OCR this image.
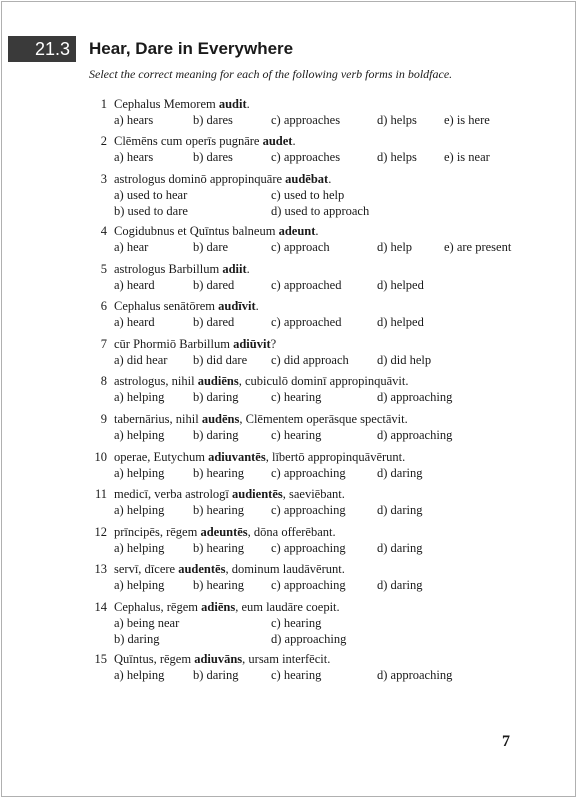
21.3	Hear, Dare in Everywhere
Select the correct meaning for each of the following verb forms in boldface.
1 Cephalus Memorem audit.
a) hears	b) dares	c) approaches	d) helps e) is here
2 Clēmēns cum operīs pugnāre audet.
a) hears	b) dares	c) approaches	d) helps e) is near
3 astrologus dominō appropinquāre audēbat.
a) used to hear	c) used to help
b) used to dare	d) used to approach
4 Cogidubnus et Quīntus balneum adeunt.
a) hear	b) dare	c) approach	d) help	e) are present
5 astrologus Barbillum adiit.
a) heard	b) dared	c) approached	d) helped
6 Cephalus senātōrem audīvit.
a) heard	b) dared	c) approached	d) helped
7 cūr Phormiō Barbillum adiūvit?
a) did hear b) did dare c) did approach d) did help
8 astrologus, nihil audiēns, cubiculō dominī appropinquāvit.
a) helping b) daring	c) hearing	d) approaching
9 tabernārius, nihil audēns, Clēmentem operāsque spectāvit.
a) helping b) daring	c) hearing	d) approaching
10 operae, Eutychum adiuvantēs, lībertō appropinquāvērunt.
a) helping b) hearing c) approaching	d) daring
11 medicī, verba astrologī audientēs, saeviēbant.
a) helping b) hearing c) approaching	d) daring
12 prīncipēs, rēgem adeuntēs, dōna offerēbant.
a) helping b) hearing c) approaching	d) daring
13 servī, dīcere audentēs, dominum laudāvērunt.
a) helping b) hearing c) approaching	d) daring
14 Cephalus, rēgem adiēns, eum laudāre coepit.
a) being near	c) hearing
b) daring	d) approaching
15 Quīntus, rēgem adiuvāns, ursam interfēcit.
a) helping b) daring	c) hearing	d) approaching
7
